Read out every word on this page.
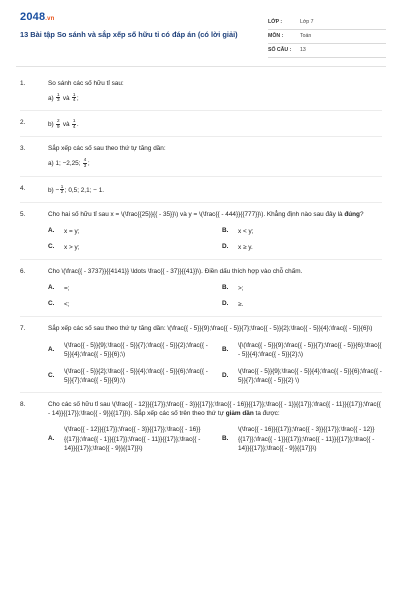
2048.vn
13 Bài tập So sánh và sắp xếp số hữu tỉ có đáp án (có lời giải)
LỚP :	Lớp 7
MÔN :	Toán
SỐ CÂU :	13
1.	So sánh các số hữu tỉ sau:
$a) \frac{1}{3}$ và $\frac{1}{4}$ ;
2.	$b) \frac{2}{9}$ và $\frac{1}{4}$ .
3.	Sắp xếp các số sau theo thứ tự tăng dần:
a) 1; −2,25; $\frac{4}{3}$ ;
4.	$b) - \frac{1}{2}$ ; 0,5; 2,1; − 1.
5.	Cho hai số hữu tỉ sau x = \(\frac{{25}}{{ - 35}}\) và y = \(\frac{{ - 444}}{{777}}\). Khẳng định nào sau đây là đúng?
A.	x = y;	B.	x < y;
C.	x > y;	D.	x ≥ y.
6.	Cho \(\frac{{ - 3737}}{{4141}} \ldots \frac{{ - 37}}{{41}}\). Điền dấu thích hợp vào chỗ chấm.
A.	=;	B.	>;
C.	<;	D.	≥.
7.	Sắp xếp các số sau theo thứ tự tăng dần: \(\frac{{ - 5}}{9};\frac{{ - 5}}{7};\frac{{ - 5}}{2};\frac{{ - 5}}{4};\frac{{ - 5}}{6}\)
A.
\(\frac{{ - 5}}{9};\frac{{ - 5}}{7};\frac{{ - 5}}{2};\frac{{ - 5}}{4};\frac{{ - 5}}{6};\)
B.
\[\(\frac{{ - 5}}{9};\frac{{ - 5}}{7};\frac{{ - 5}}{6};\frac{{ - 5}}{4};\frac{{ - 5}}{2};\)
C.
\(\frac{{ - 5}}{2};\frac{{ - 5}}{4};\frac{{ - 5}}{6};\frac{{ - 5}}{7};\frac{{ - 5}}{9};\)
D.
\(\frac{{ - 5}}{9};\frac{{ - 5}}{4};\frac{{ - 5}}{6};\frac{{ - 5}}{7};\frac{{ - 5}}{2} \)
8.	Cho các số hữu tỉ sau \(\frac{{ - 12}}{{17}};\frac{{ - 3}}{{17}};\frac{{ - 16}}{{17}};\frac{{ - 1}}{{17}};\frac{{ - 11}}{{17}};\frac{{ - 14}}{{17}};\frac{{ - 9}}{{17}}\). Sắp xếp các số trên theo thứ tự giảm dần ta được:
A.
\(\frac{{ - 12}}{{17}};\frac{{ - 3}}{{17}};\frac{{ - 16}}{{17}};\frac{{ - 1}}{{17}};\frac{{ - 11}}{{17}};\frac{{ - 14}}{{17}};\frac{{ - 9}}{{17}}\)
B.
\(\frac{{ - 16}}{{17}};\frac{{ - 3}}{{17}};\frac{{ - 12}}{{17}};\frac{{ - 1}}{{17}};\frac{{ - 11}}{{17}};\frac{{ - 14}}{{17}};\frac{{ - 9}}{{17}}\)
